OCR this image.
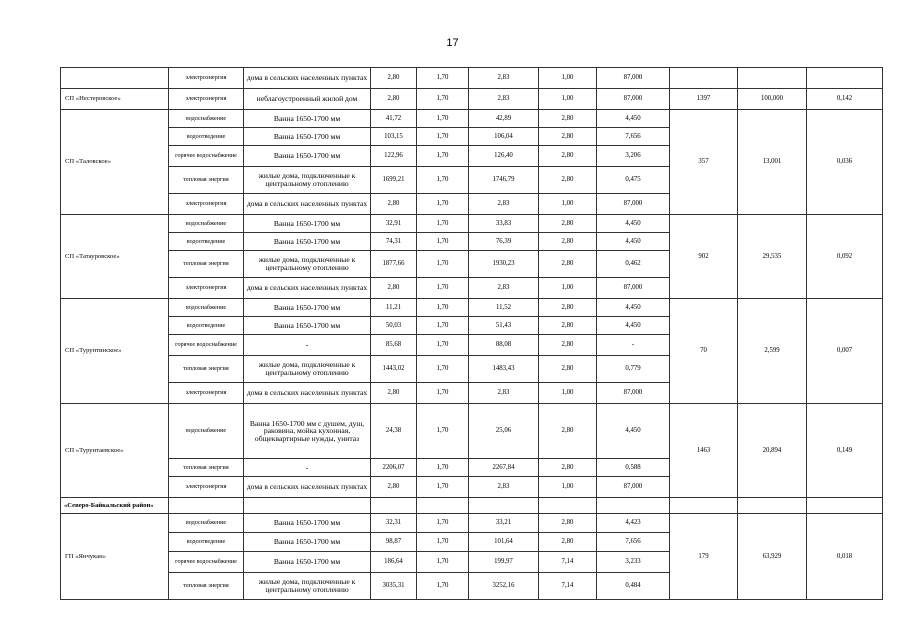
17
	электроэнергия	дома в сельских населенных пунктах	2,80	1,70	2,83	1,00	87,000			
СП «Нестеровское»	электроэнергия	неблагоустроенный жилой дом	2,80	1,70	2,83	1,00	87,000	1397	100,000	0,142
СП «Таловское»	водоснабжение	Ванна 1650-1700 мм	41,72	1,70	42,89	2,80	4,450	357	13,001	0,036
	водоотведение	Ванна 1650-1700 мм	103,15	1,70	106,04	2,80	7,656			
	горячее водоснабжение	Ванна 1650-1700 мм	122,96	1,70	126,40	2,80	3,206			
	тепловая энергия	жилые дома, подключенные к центральному отоплению	1699,21	1,70	1746,79	2,80	0,475			
	электроэнергия	дома в сельских населенных пунктах	2,80	1,70	2,83	1,00	87,000			
СП «Татауровское»	водоснабжение	Ванна 1650-1700 мм	32,91	1,70	33,83	2,80	4,450	902	29,535	0,092
	водоотведение	Ванна 1650-1700 мм	74,31	1,70	76,39	2,80	4,450			
	тепловая энергия	жилые дома, подключенные к центральному отоплению	1877,66	1,70	1930,23	2,80	0,462			
	электроэнергия	дома в сельских населенных пунктах	2,80	1,70	2,83	1,00	87,000			
СП «Турунтинское»	водоснабжение	Ванна 1650-1700 мм	11,21	1,70	11,52	2,80	4,450	70	2,599	0,007
	водоотведение	Ванна 1650-1700 мм	50,03	1,70	51,43	2,80	4,450			
	горячее водоснабжение	-	85,68	1,70	88,08	2,80	-			
	тепловая энергия	жилые дома, подключенные к центральному отоплению	1443,02	1,70	1483,43	2,80	0,779			
	электроэнергия	дома в сельских населенных пунктах	2,80	1,70	2,83	1,00	87,000			
СП «Турунтаевское»	водоснабжение	Ванна 1650-1700 мм с душем, душ, раковина, мойка кухонная, общеквартирные нужды, унитаз	24,38	1,70	25,06	2,80	4,450	1463	20,894	0,149
	тепловая энергия	-	2206,07	1,70	2267,84	2,80	0,588			
	электроэнергия	дома в сельских населенных пунктах	2,80	1,70	2,83	1,00	87,000			
«Северо-Байкальский район»										
ГП «Янчукан»	водоснабжение	Ванна 1650-1700 мм	32,31	1,70	33,21	2,80	4,423	179	63,929	0,018
	водоотведение	Ванна 1650-1700 мм	98,87	1,70	101,64	2,80	7,656			
	горячее водоснабжение	Ванна 1650-1700 мм	186,64	1,70	199,97	7,14	3,233			
	тепловая энергия	жилые дома, подключенные к центральному отоплению	3035,31	1,70	3252,16	7,14	0,484			
